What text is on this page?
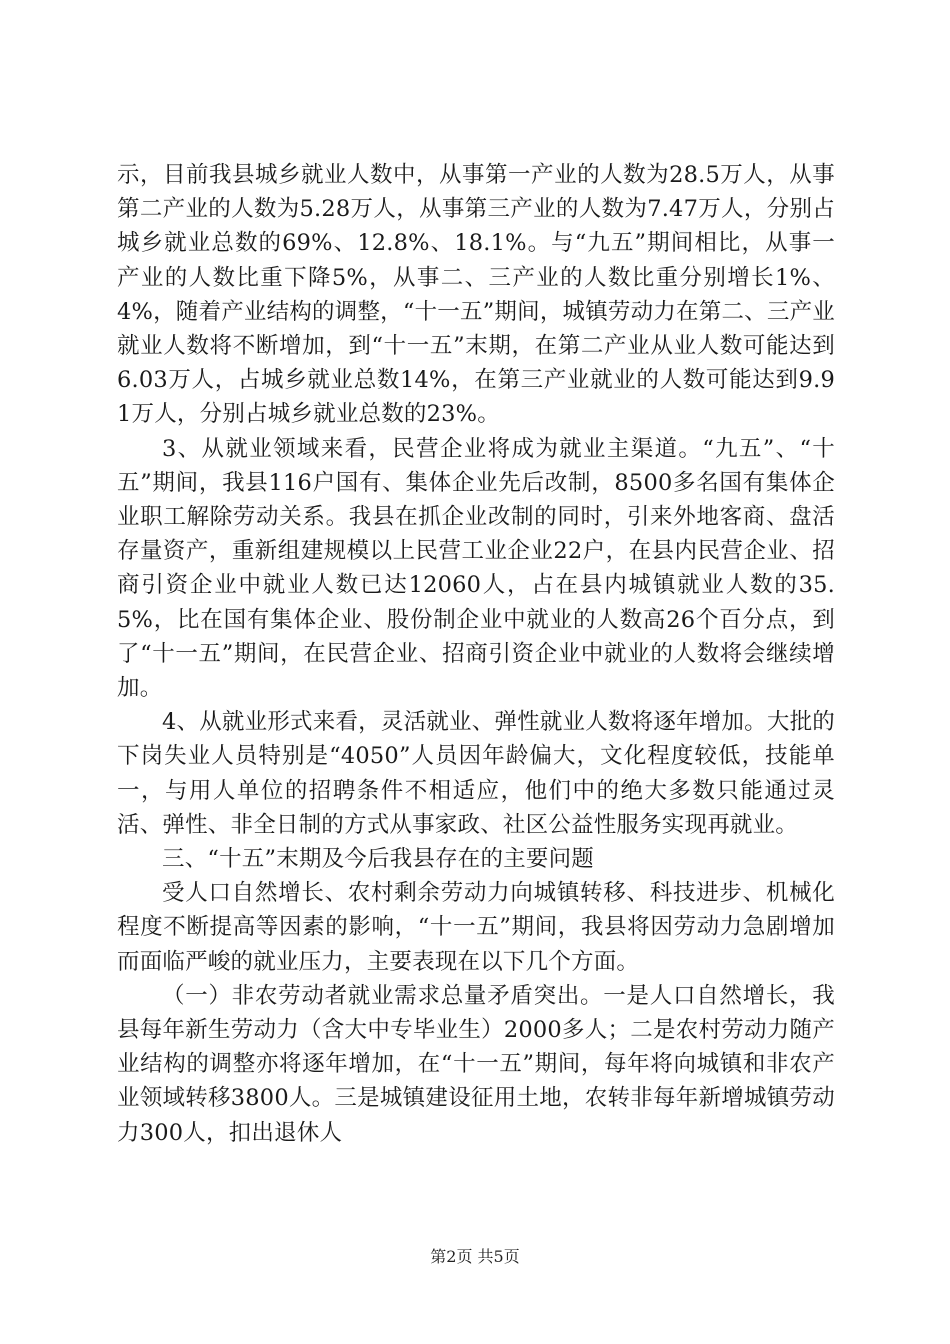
示，目前我县城乡就业人数中，从事第一产业的人数为28.5万人，从事第二产业的人数为5.28万人，从事第三产业的人数为7.47万人，分别占城乡就业总数的69%、12.8%、18.1%。与“九五”期间相比，从事一产业的人数比重下降5%，从事二、三产业的人数比重分别增长1%、4%，随着产业结构的调整，“十一五”期间，城镇劳动力在第二、三产业就业人数将不断增加，到“十一五”末期，在第二产业从业人数可能达到6.03万人，占城乡就业总数14%，在第三产业就业的人数可能达到9.91万人，分别占城乡就业总数的23%。

3、从就业领域来看，民营企业将成为就业主渠道。“九五”、“十五”期间，我县116户国有、集体企业先后改制，8500多名国有集体企业职工解除劳动关系。我县在抓企业改制的同时，引来外地客商、盘活存量资产，重新组建规模以上民营工业企业22户，在县内民营企业、招商引资企业中就业人数已达12060人，占在县内城镇就业人数的35.5%，比在国有集体企业、股份制企业中就业的人数高26个百分点，到了“十一五”期间，在民营企业、招商引资企业中就业的人数将会继续增加。

4、从就业形式来看，灵活就业、弹性就业人数将逐年增加。大批的下岗失业人员特别是“4050”人员因年龄偏大，文化程度较低，技能单一，与用人单位的招聘条件不相适应，他们中的绝大多数只能通过灵活、弹性、非全日制的方式从事家政、社区公益性服务实现再就业。

三、“十五”末期及今后我县存在的主要问题

受人口自然增长、农村剩余劳动力向城镇转移、科技进步、机械化程度不断提高等因素的影响，“十一五”期间，我县将因劳动力急剧增加而面临严峻的就业压力，主要表现在以下几个方面。

（一）非农劳动者就业需求总量矛盾突出。一是人口自然增长，我县每年新生劳动力（含大中专毕业生）2000多人；二是农村劳动力随产业结构的调整亦将逐年增加，在“十一五”期间，每年将向城镇和非农产业领域转移3800人。三是城镇建设征用土地，农转非每年新增城镇劳动力300人，扣出退休人

第2页 共5页
